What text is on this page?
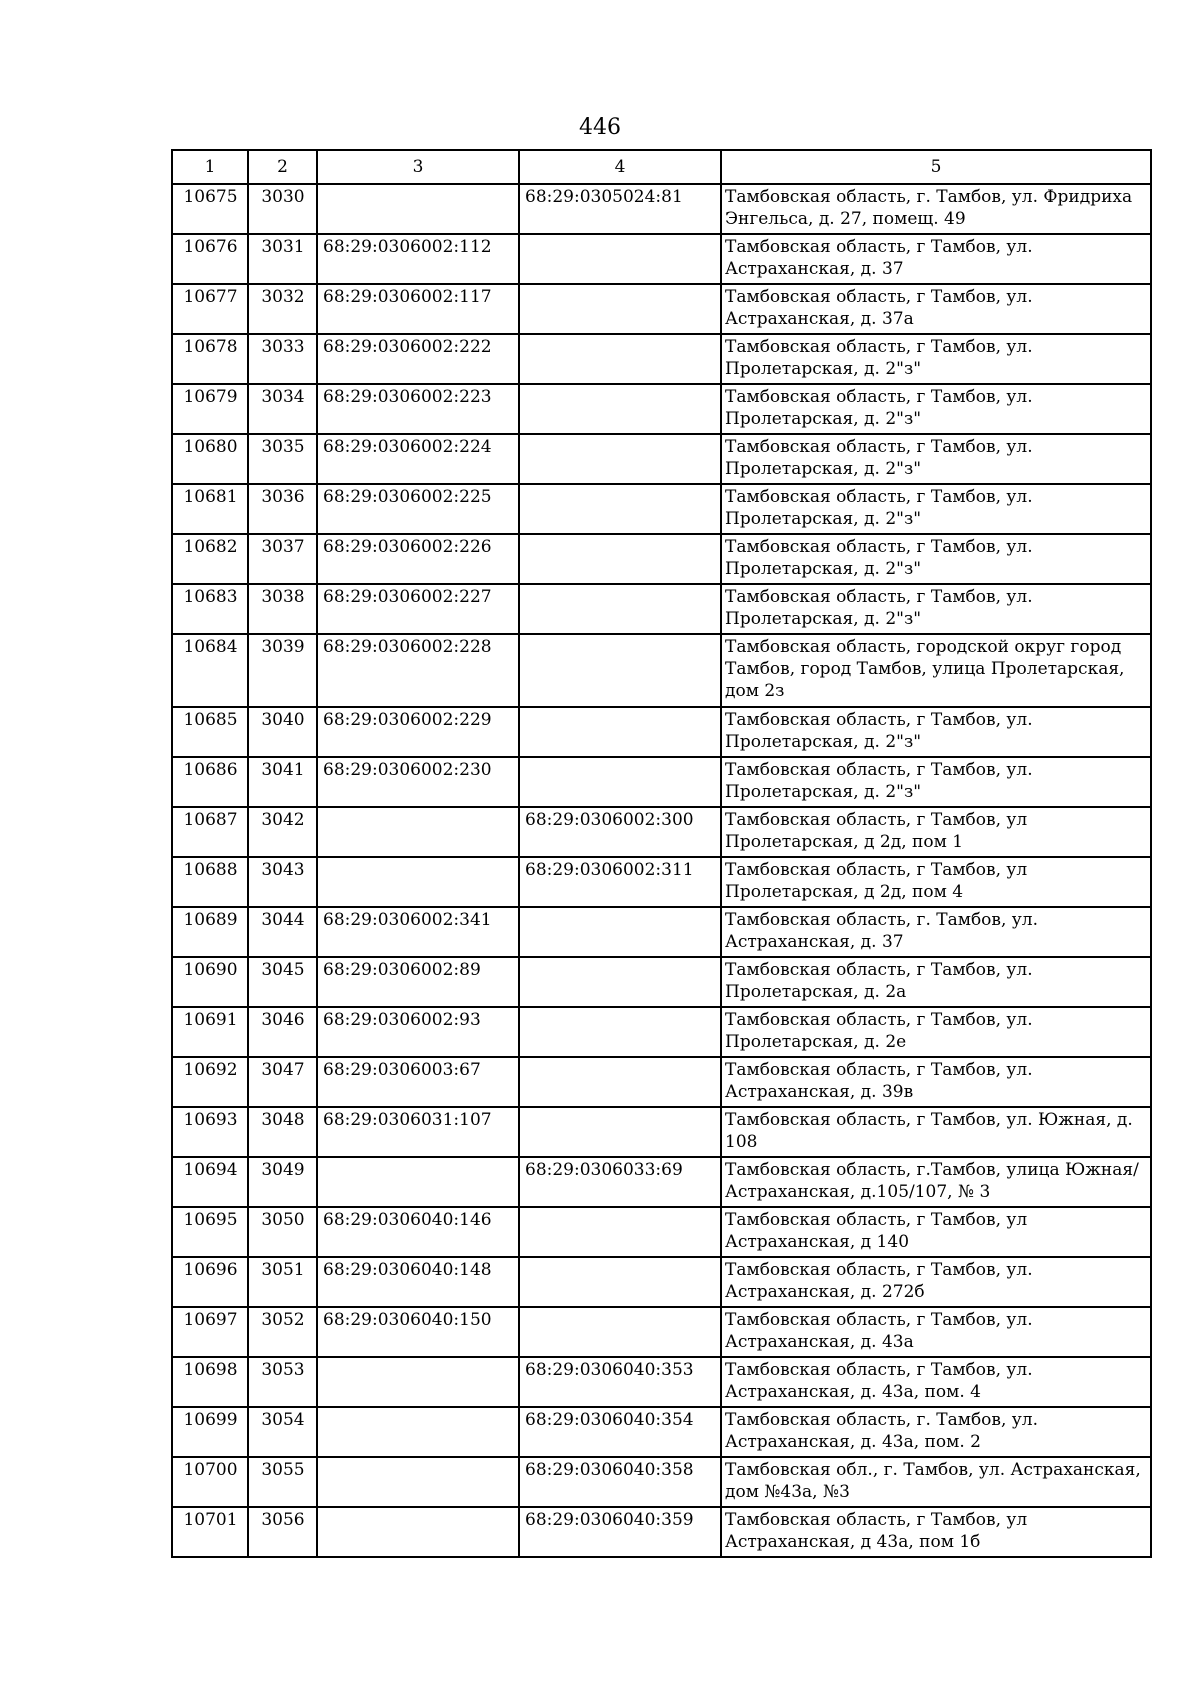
446
1	2	3	4	5
10675	3030		68:29:0305024:81	Тамбовская область, г. Тамбов, ул. Фридриха Энгельса, д. 27, помещ. 49
10676	3031	68:29:0306002:112		Тамбовская область, г Тамбов, ул. Астраханская, д. 37
10677	3032	68:29:0306002:117		Тамбовская область, г Тамбов, ул. Астраханская, д. 37а
10678	3033	68:29:0306002:222		Тамбовская область, г Тамбов, ул. Пролетарская, д. 2"з"
10679	3034	68:29:0306002:223		Тамбовская область, г Тамбов, ул. Пролетарская, д. 2"з"
10680	3035	68:29:0306002:224		Тамбовская область, г Тамбов, ул. Пролетарская, д. 2"з"
10681	3036	68:29:0306002:225		Тамбовская область, г Тамбов, ул. Пролетарская, д. 2"з"
10682	3037	68:29:0306002:226		Тамбовская область, г Тамбов, ул. Пролетарская, д. 2"з"
10683	3038	68:29:0306002:227		Тамбовская область, г Тамбов, ул. Пролетарская, д. 2"з"
10684	3039	68:29:0306002:228		Тамбовская область, городской округ город Тамбов, город Тамбов, улица Пролетарская, дом 2з
10685	3040	68:29:0306002:229		Тамбовская область, г Тамбов, ул. Пролетарская, д. 2"з"
10686	3041	68:29:0306002:230		Тамбовская область, г Тамбов, ул. Пролетарская, д. 2"з"
10687	3042		68:29:0306002:300	Тамбовская область, г Тамбов, ул Пролетарская, д 2д, пом 1
10688	3043		68:29:0306002:311	Тамбовская область, г Тамбов, ул Пролетарская, д 2д, пом 4
10689	3044	68:29:0306002:341		Тамбовская область, г. Тамбов, ул. Астраханская, д. 37
10690	3045	68:29:0306002:89		Тамбовская область, г Тамбов, ул. Пролетарская, д. 2а
10691	3046	68:29:0306002:93		Тамбовская область, г Тамбов, ул. Пролетарская, д. 2е
10692	3047	68:29:0306003:67		Тамбовская область, г Тамбов, ул. Астраханская, д. 39в
10693	3048	68:29:0306031:107		Тамбовская область, г Тамбов, ул. Южная, д. 108
10694	3049		68:29:0306033:69	Тамбовская область, г.Тамбов, улица Южная/Астраханская, д.105/107, № 3
10695	3050	68:29:0306040:146		Тамбовская область, г Тамбов, ул Астраханская, д 140
10696	3051	68:29:0306040:148		Тамбовская область, г Тамбов, ул. Астраханская, д. 272б
10697	3052	68:29:0306040:150		Тамбовская область, г Тамбов, ул. Астраханская, д. 43а
10698	3053		68:29:0306040:353	Тамбовская область, г Тамбов, ул. Астраханская, д. 43а, пом. 4
10699	3054		68:29:0306040:354	Тамбовская область, г. Тамбов, ул. Астраханская, д. 43а, пом. 2
10700	3055		68:29:0306040:358	Тамбовская обл., г. Тамбов, ул. Астраханская, дом №43а, №3
10701	3056		68:29:0306040:359	Тамбовская область, г Тамбов, ул Астраханская, д 43а, пом 1б
